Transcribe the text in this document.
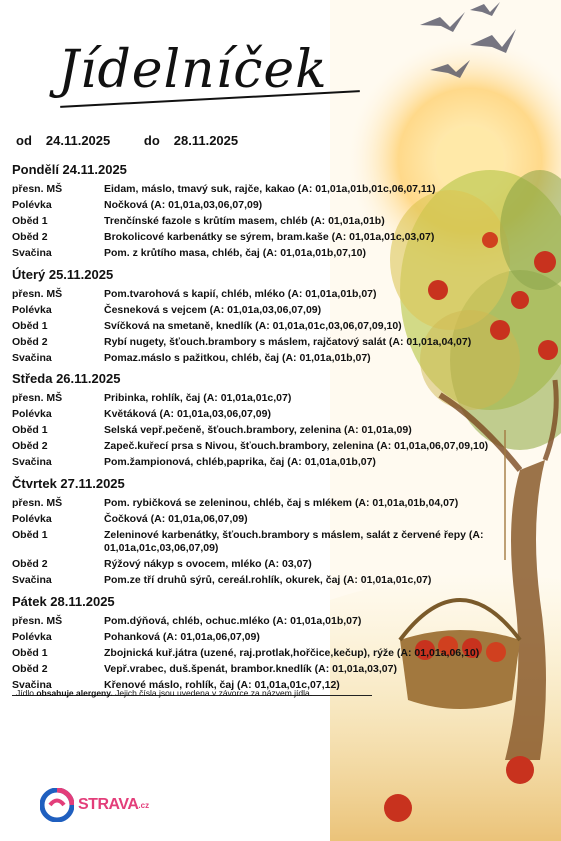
Jídelníček
od 24.11.2025	do 28.11.2025
Pondělí 24.11.2025
přesn. MŠ	Eidam, máslo, tmavý suk, rajče, kakao (A: 01,01a,01b,01c,06,07,11)
Polévka	Nočková (A: 01,01a,03,06,07,09)
Oběd 1	Trenčínské fazole s krůtím masem, chléb (A: 01,01a,01b)
Oběd 2	Brokolicové karbenátky se sýrem, bram.kaše (A: 01,01a,01c,03,07)
Svačina	Pom. z krůtího masa, chléb, čaj (A: 01,01a,01b,07,10)
Úterý 25.11.2025
přesn. MŠ	Pom.tvarohová s kapií, chléb, mléko (A: 01,01a,01b,07)
Polévka	Česneková s vejcem (A: 01,01a,03,06,07,09)
Oběd 1	Svíčková na smetaně, knedlík (A: 01,01a,01c,03,06,07,09,10)
Oběd 2	Rybí nugety, šťouch.brambory s máslem, rajčatový salát (A: 01,01a,04,07)
Svačina	Pomaz.máslo s pažitkou, chléb, čaj (A: 01,01a,01b,07)
Středa 26.11.2025
přesn. MŠ	Pribinka, rohlík, čaj (A: 01,01a,01c,07)
Polévka	Květáková (A: 01,01a,03,06,07,09)
Oběd 1	Selská vepř.pečeně, šťouch.brambory, zelenina (A: 01,01a,09)
Oběd 2	Zapeč.kuřecí prsa s Nivou, šťouch.brambory, zelenina (A: 01,01a,06,07,09,10)
Svačina	Pom.žampionová, chléb,paprika, čaj (A: 01,01a,01b,07)
Čtvrtek 27.11.2025
přesn. MŠ	Pom. rybičková se zeleninou, chléb, čaj s mlékem (A: 01,01a,01b,04,07)
Polévka	Čočková (A: 01,01a,06,07,09)
Oběd 1	Zeleninové karbenátky, šťouch.brambory s máslem, salát z červené řepy (A: 01,01a,01c,03,06,07,09)
Oběd 2	Rýžový nákyp s ovocem, mléko (A: 03,07)
Svačina	Pom.ze tří druhů sýrů, cereál.rohlík, okurek, čaj (A: 01,01a,01c,07)
Pátek 28.11.2025
přesn. MŠ	Pom.dýňová, chléb, ochuc.mléko (A: 01,01a,01b,07)
Polévka	Pohanková (A: 01,01a,06,07,09)
Oběd 1	Zbojnická kuř.játra (uzené, raj.protlak,hořčice,kečup), rýže (A: 01,01a,06,10)
Oběd 2	Vepř.vrabec, duš.špenát, brambor.knedlík (A: 01,01a,03,07)
Svačina	Křenové máslo, rohlík, čaj (A: 01,01a,01c,07,12)
Jídlo obsahuje alergeny. Jejich čísla jsou uvedena v závorce za názvem jídla.
STRAVA .cz
